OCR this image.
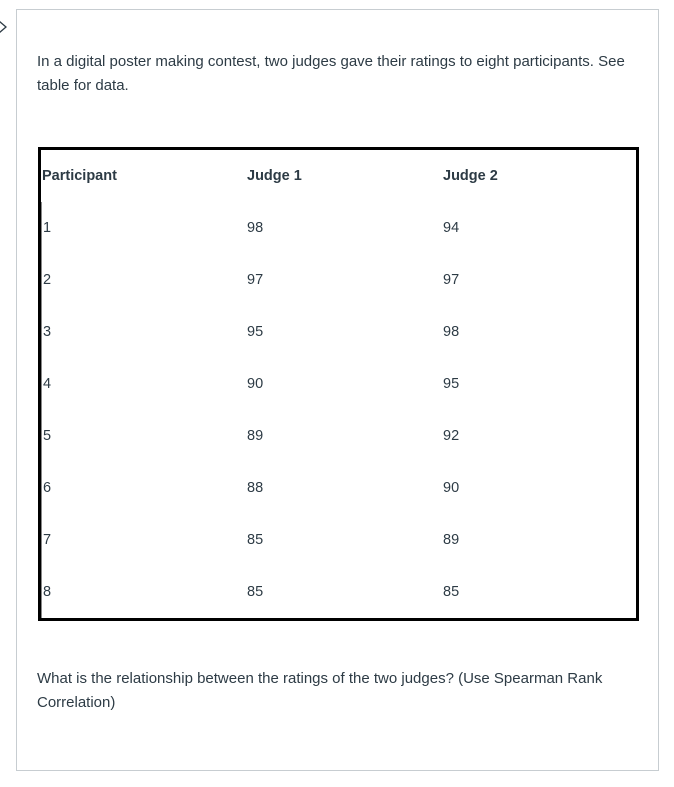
In a digital poster making contest, two judges gave their ratings to eight participants. See table for data.

Participant	Judge 1	Judge 2
1	98	94
2	97	97
3	95	98
4	90	95
5	89	92
6	88	90
7	85	89
8	85	85

What is the relationship between the ratings of the two judges? (Use Spearman Rank Correlation)
